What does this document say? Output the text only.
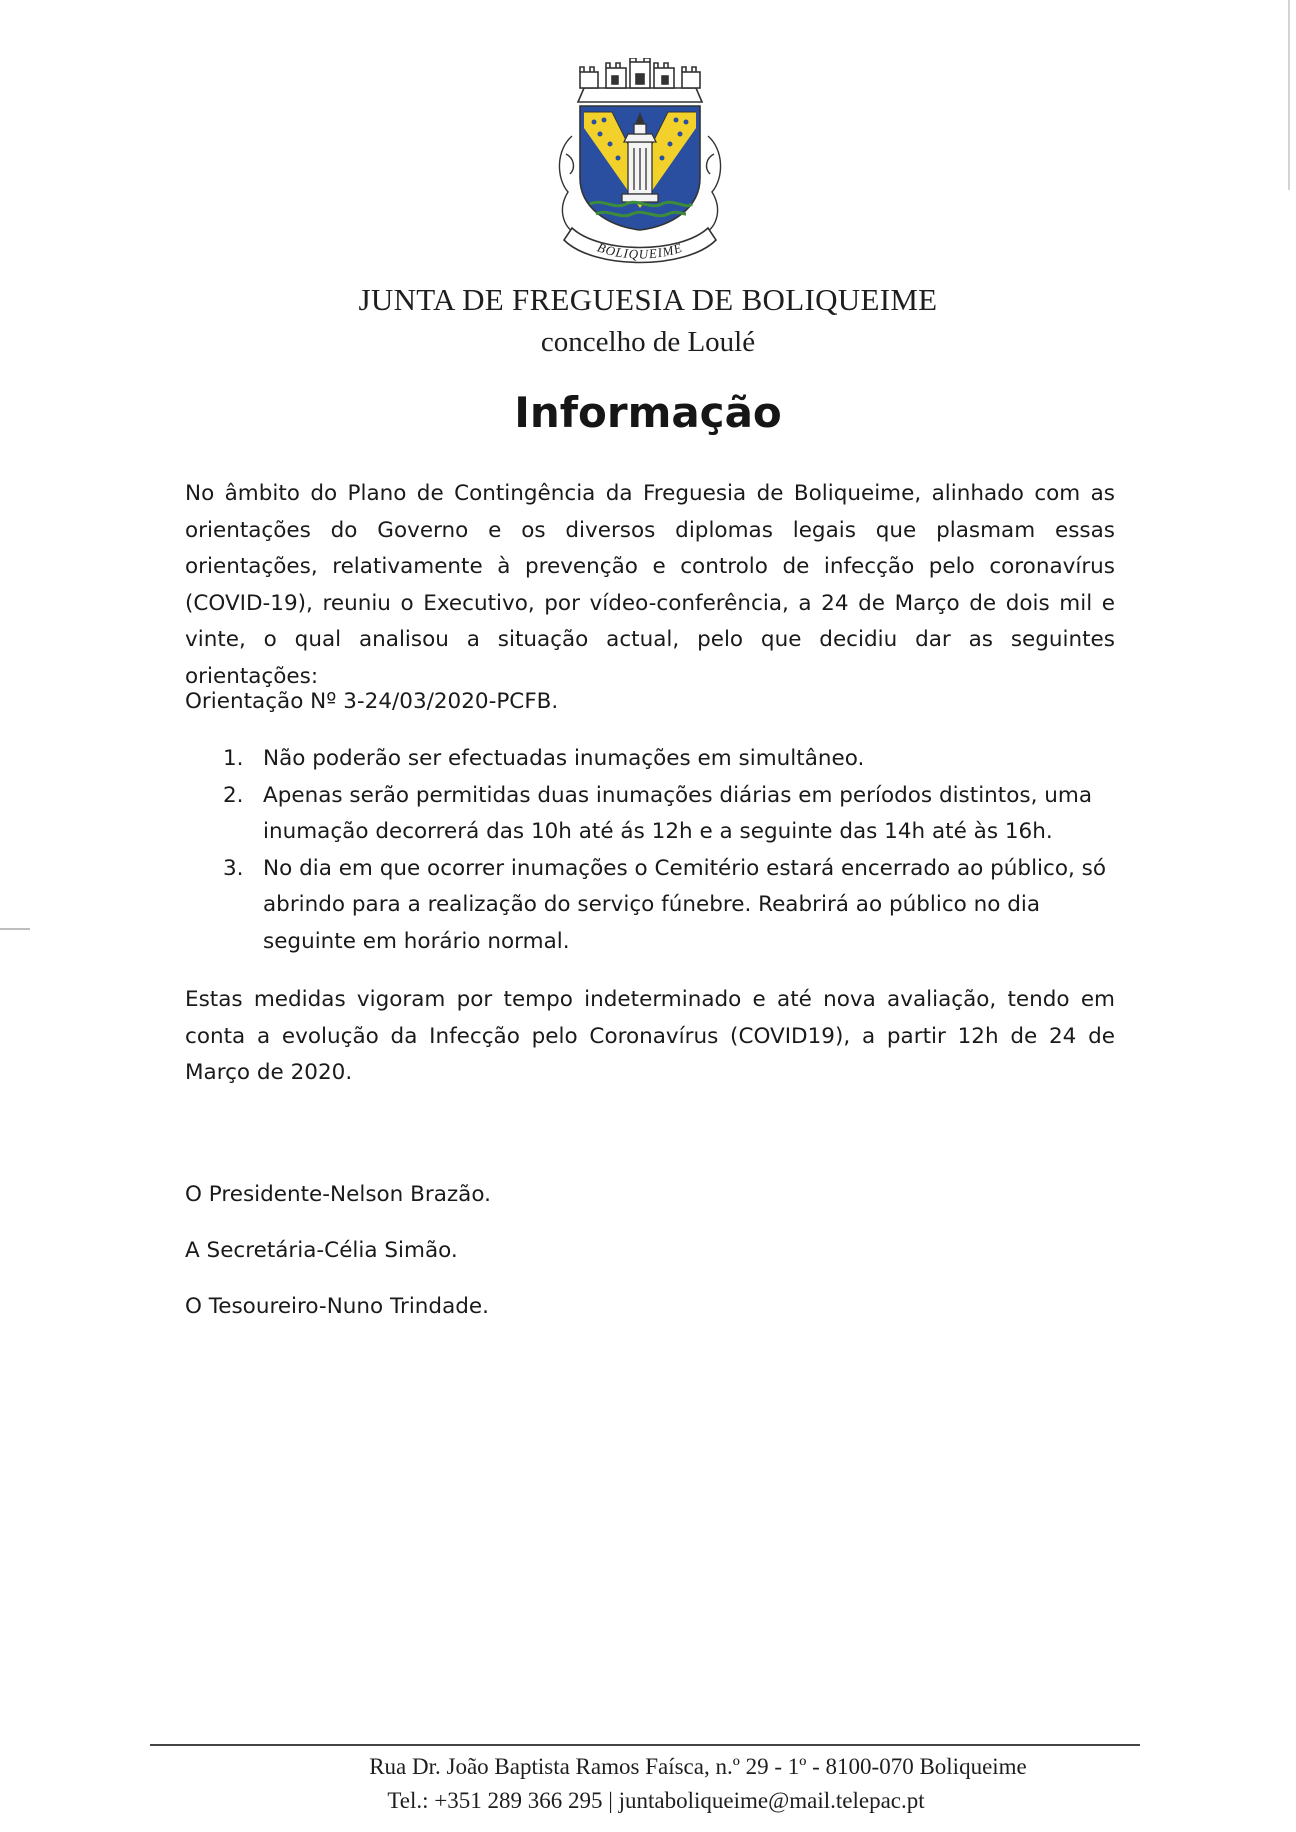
BOLIQUEIME
JUNTA DE FREGUESIA DE BOLIQUEIME
concelho de Loulé
Informação

No âmbito do Plano de Contingência da Freguesia de Boliqueime, alinhado com as orientações do Governo e os diversos diplomas legais que plasmam essas orientações, relativamente à prevenção e controlo de infecção pelo coronavírus (COVID-19), reuniu o Executivo, por vídeo-conferência, a 24 de Março de dois mil e vinte, o qual analisou a situação actual, pelo que decidiu dar as seguintes orientações:

Orientação Nº 3-24/03/2020-PCFB.

1. Não poderão ser efectuadas inumações em simultâneo.
2. Apenas serão permitidas duas inumações diárias em períodos distintos, uma inumação decorrerá das 10h até ás 12h e a seguinte das 14h até às 16h.
3. No dia em que ocorrer inumações o Cemitério estará encerrado ao público, só abrindo para a realização do serviço fúnebre. Reabrirá ao público no dia seguinte em horário normal.

Estas medidas vigoram por tempo indeterminado e até nova avaliação, tendo em conta a evolução da Infecção pelo Coronavírus (COVID19), a partir 12h de 24 de Março de 2020.

O Presidente-Nelson Brazão.
A Secretária-Célia Simão.
O Tesoureiro-Nuno Trindade.
Rua Dr. João Baptista Ramos Faísca, n.º 29 - 1º - 8100-070 Boliqueime
Tel.: +351 289 366 295 | juntaboliqueime@mail.telepac.pt
